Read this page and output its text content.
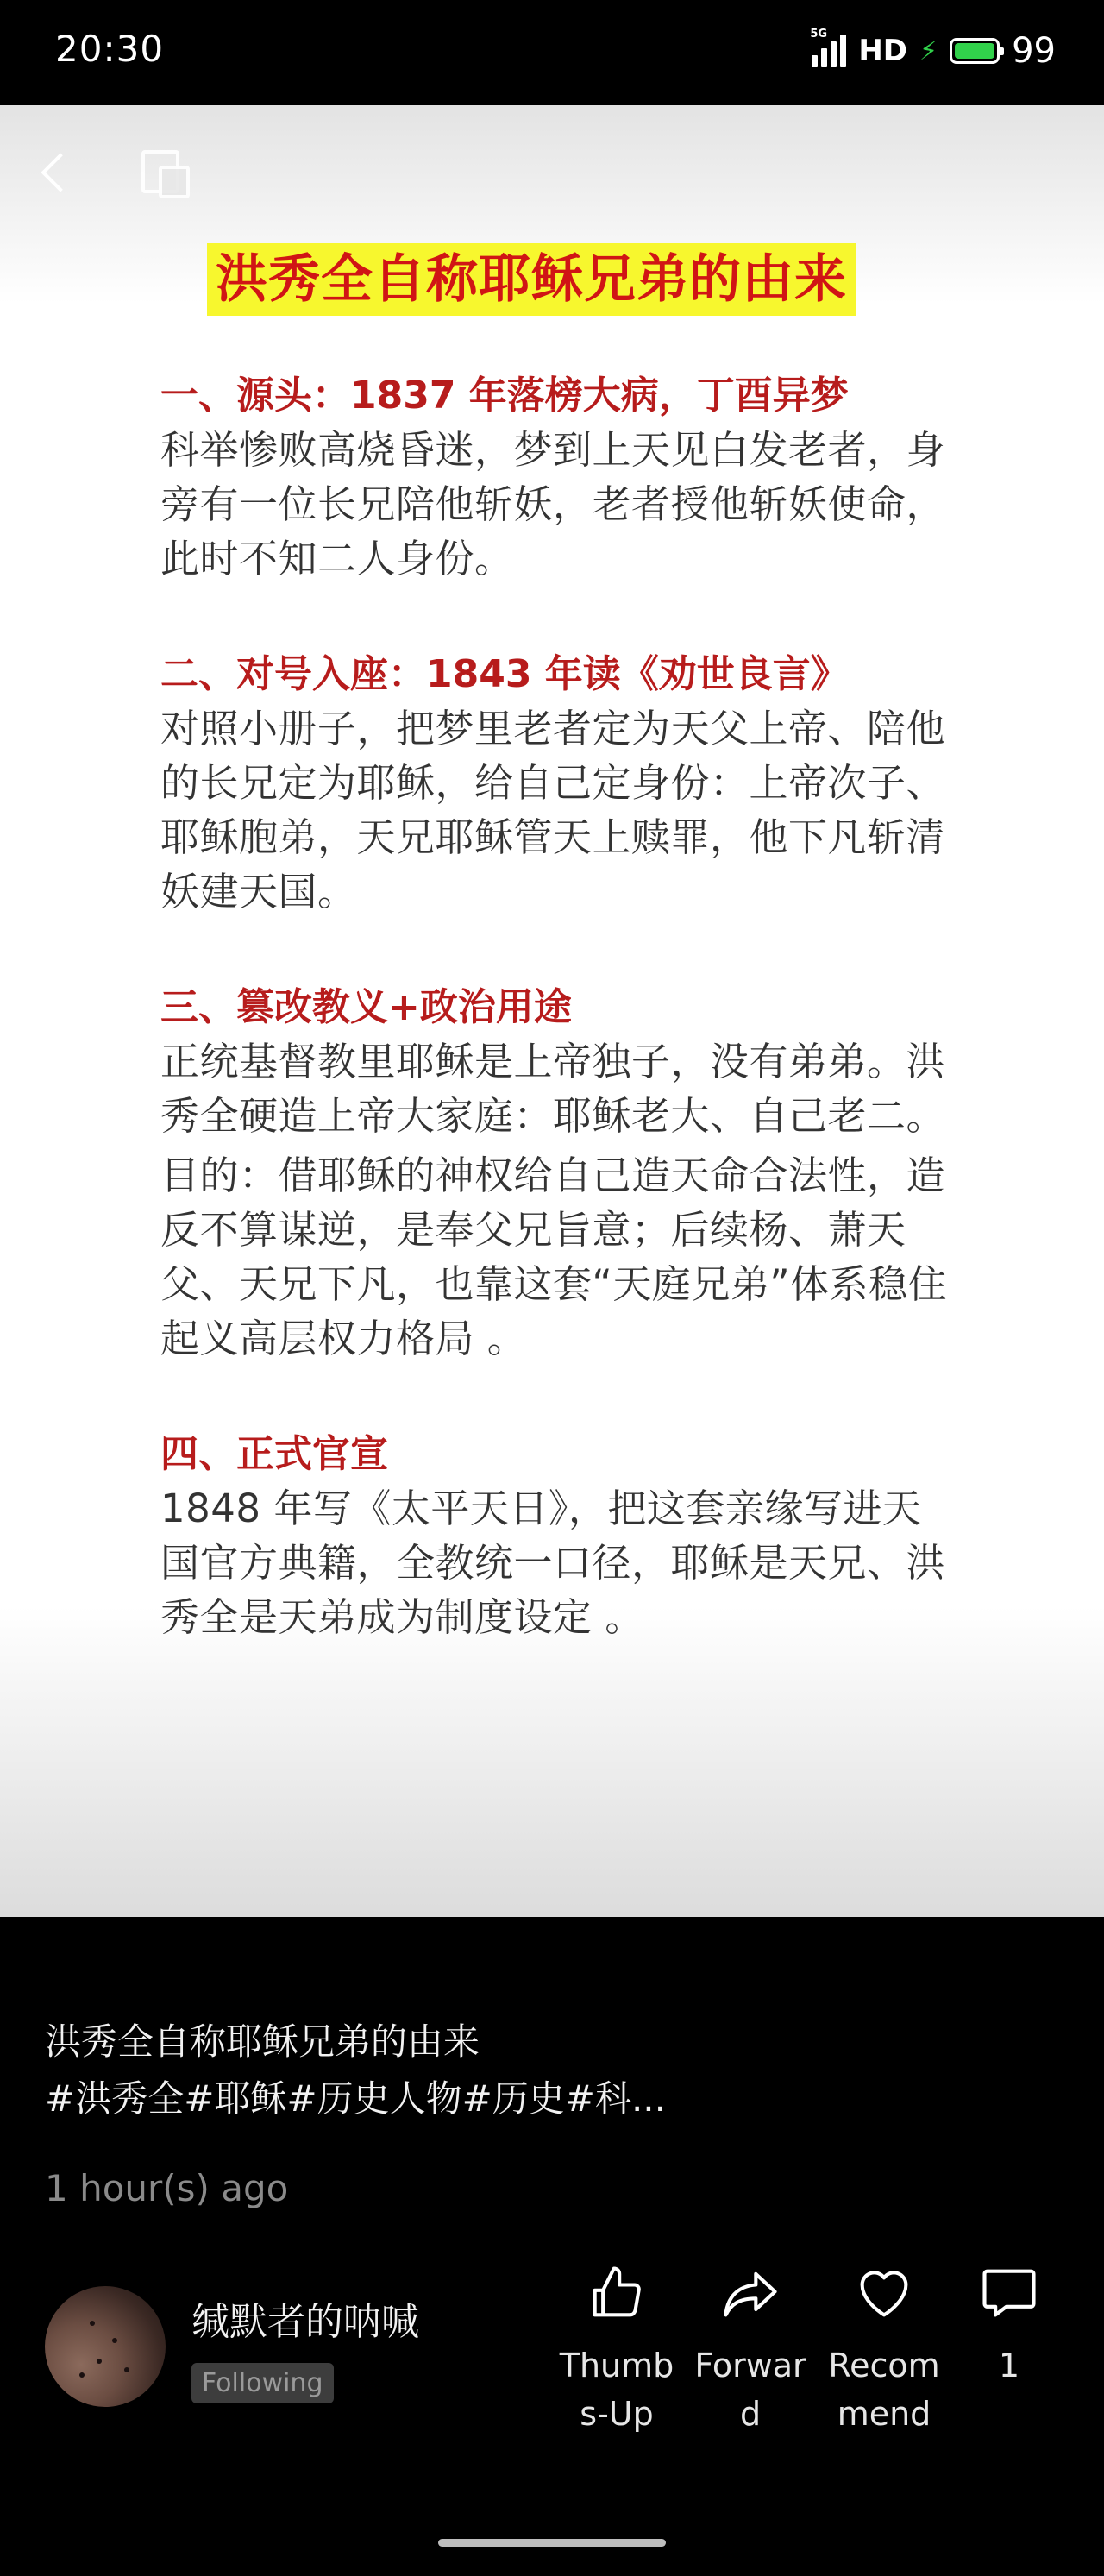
20:30	5G HD ⚡ 99
洪秀全自称耶稣兄弟的由来

一、源头：1837 年落榜大病，丁酉异梦

科举惨败高烧昏迷，梦到上天见白发老者，身旁有一位长兄陪他斩妖，老者授他斩妖使命，此时不知二人身份。

二、对号入座：1843 年读《劝世良言》

对照小册子，把梦里老者定为天父上帝、陪他的长兄定为耶稣，给自己定身份：上帝次子、耶稣胞弟，天兄耶稣管天上赎罪，他下凡斩清妖建天国。

三、篡改教义+政治用途

正统基督教里耶稣是上帝独子，没有弟弟。洪秀全硬造上帝大家庭：耶稣老大、自己老二。

目的：借耶稣的神权给自己造天命合法性，造反不算谋逆，是奉父兄旨意；后续杨、萧天父、天兄下凡，也靠这套“天庭兄弟”体系稳住起义高层权力格局 。

四、正式官宣

1848 年写《太平天日》，把这套亲缘写进天国官方典籍，全教统一口径，耶稣是天兄、洪秀全是天弟成为制度设定 。

洪秀全自称耶稣兄弟的由来
#洪秀全#耶稣#历史人物#历史#科...
1 hour(s) ago
缄默者的呐喊
Following	Thumbs-Up
Forward
Recommend
1
